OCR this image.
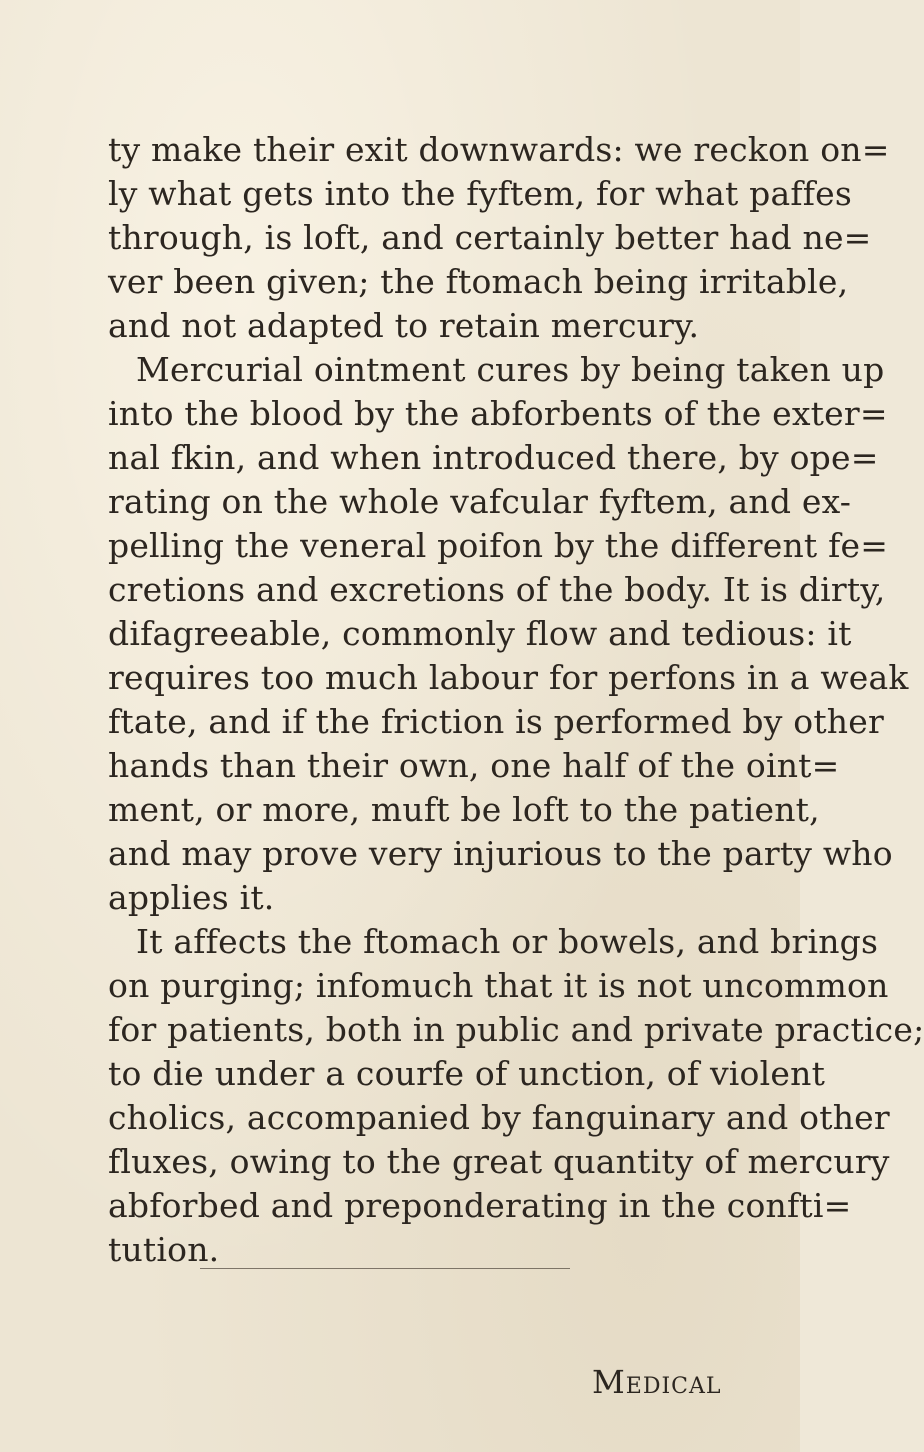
ty make their exit downwards: we reckon on=
ly what gets into the fyftem, for what paffes
through, is loft, and certainly better had ne=
ver been given; the ftomach being irritable,
and not adapted to retain mercury.
Mercurial ointment cures by being taken up
into the blood by the abforbents of the exter=
nal fkin, and when introduced there, by ope=
rating on the whole vafcular fyftem, and ex-
pelling the veneral poifon by the different fe=
cretions and excretions of the body. It is dirty,
difagreeable, commonly flow and tedious: it
requires too much labour for perfons in a weak
ftate, and if the friction is performed by other
hands than their own, one half of the oint=
ment, or more, muft be loft to the patient,
and may prove very injurious to the party who
applies it.
It affects the ftomach or bowels, and brings
on purging; infomuch that it is not uncommon
for patients, both in public and private practice;
to die under a courfe of unction, of violent
cholics, accompanied by fanguinary and other
fluxes, owing to the great quantity of mercury
abforbed and preponderating in the confti=
tution.
Medical
